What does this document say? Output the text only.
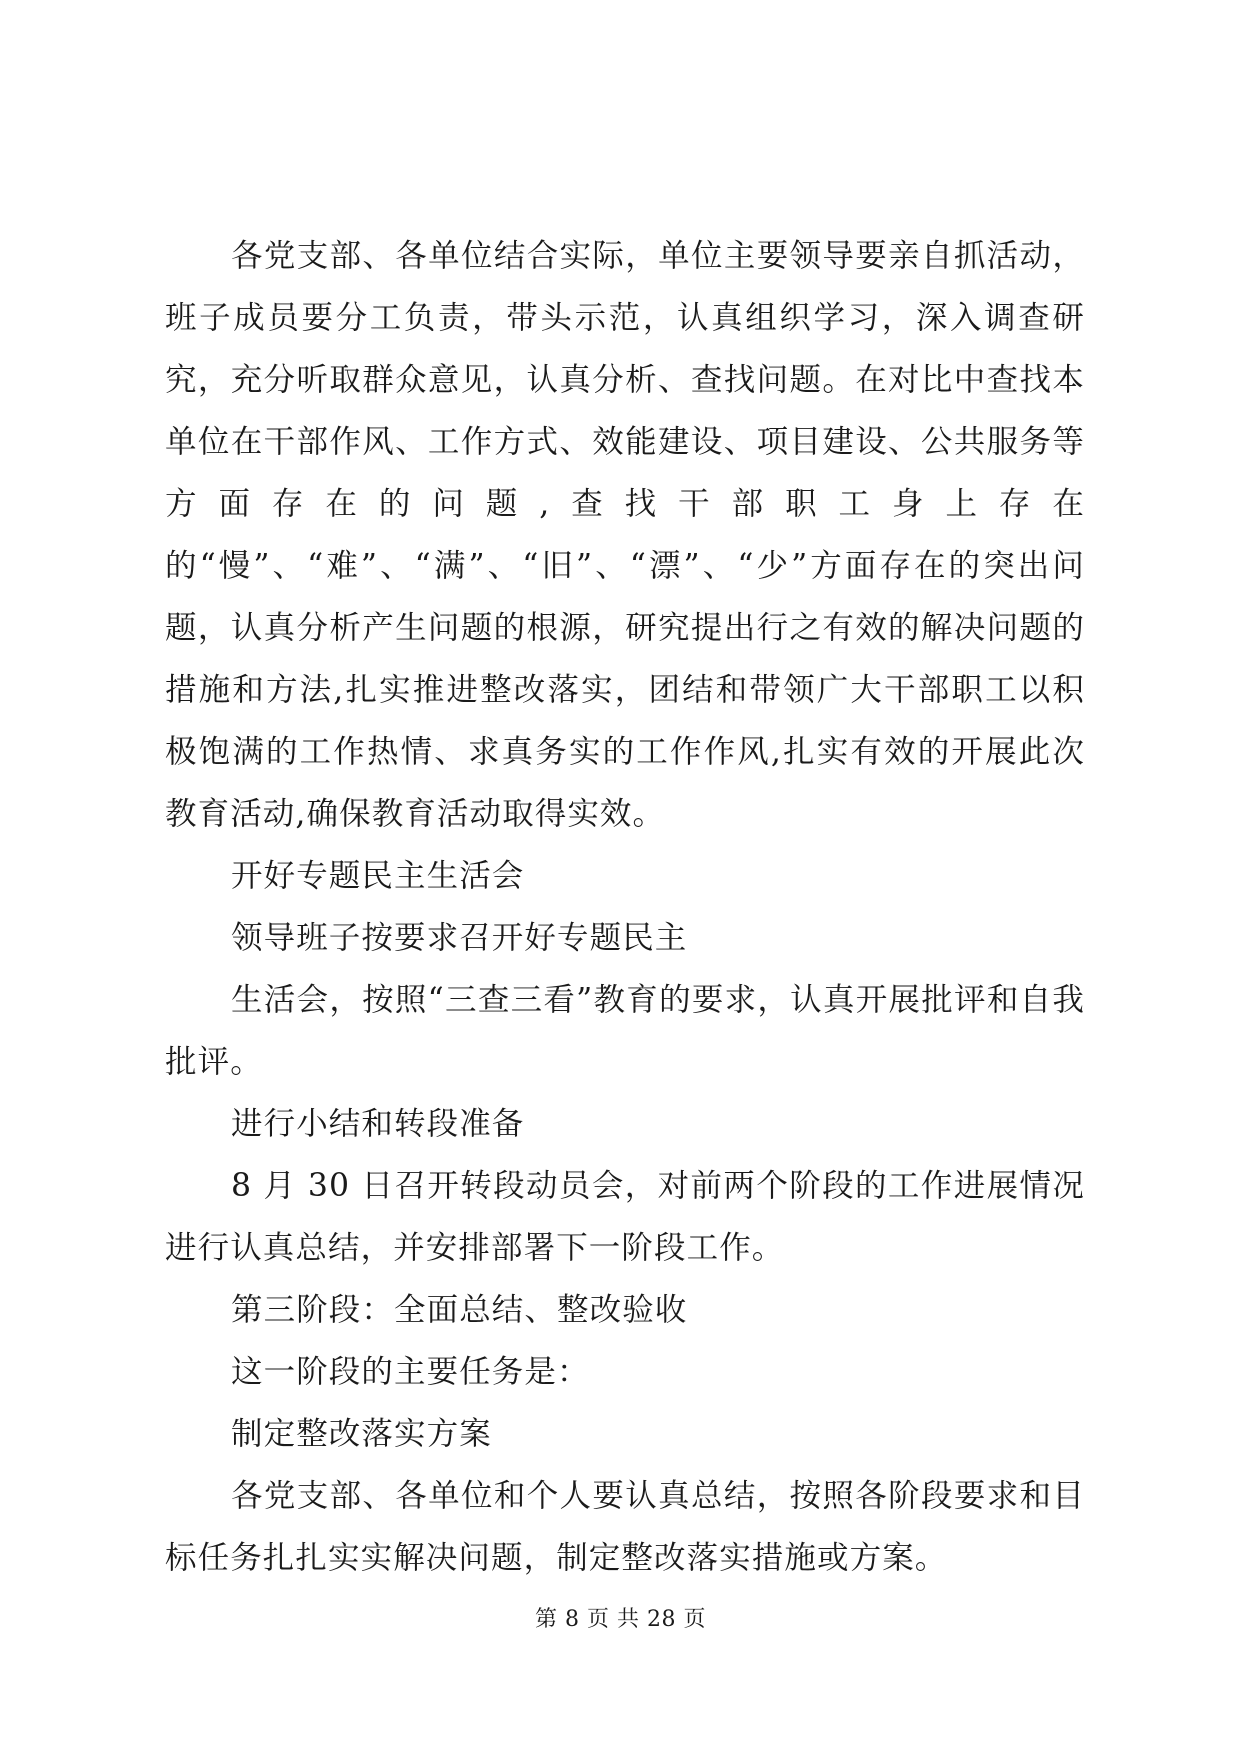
各党支部、各单位结合实际，单位主要领导要亲自抓活动，班子成员要分工负责，带头示范，认真组织学习，深入调查研究，充分听取群众意见，认真分析、查找问题。在对比中查找本单位在干部作风、工作方式、效能建设、项目建设、公共服务等方面存在的问题,查找干部职工身上存在的“慢”、“难”、“满”、“旧”、“漂”、“少”方面存在的突出问题，认真分析产生问题的根源，研究提出行之有效的解决问题的措施和方法,扎实推进整改落实，团结和带领广大干部职工以积极饱满的工作热情、求真务实的工作作风,扎实有效的开展此次教育活动,确保教育活动取得实效。

开好专题民主生活会

领导班子按要求召开好专题民主

生活会，按照“三查三看”教育的要求，认真开展批评和自我批评。

进行小结和转段准备

8 月 30 日召开转段动员会，对前两个阶段的工作进展情况进行认真总结，并安排部署下一阶段工作。

第三阶段：全面总结、整改验收

这一阶段的主要任务是：

制定整改落实方案

各党支部、各单位和个人要认真总结，按照各阶段要求和目标任务扎扎实实解决问题，制定整改落实措施或方案。

第 8 页 共 28 页
